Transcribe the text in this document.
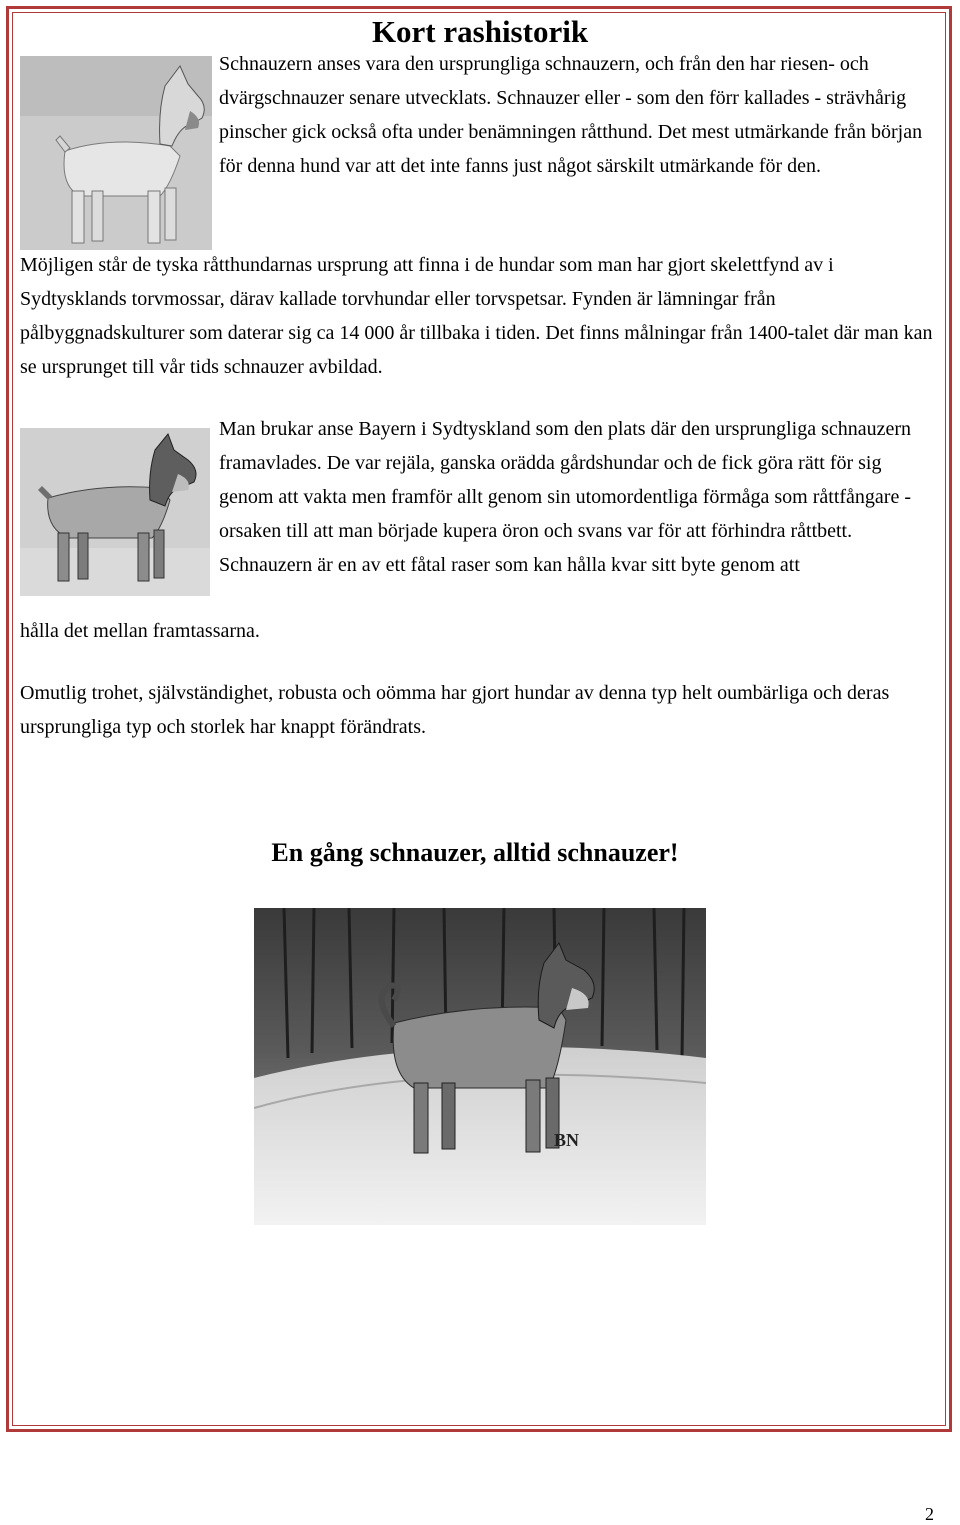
Kort rashistorik

Schnauzern anses vara den ursprungliga schnauzern, och från den har riesen- och dvärgschnauzer senare utvecklats. Schnauzer eller - som den förr kallades - strävhårig pinscher gick också ofta under benämningen råtthund. Det mest utmärkande från början för denna hund var att det inte fanns just något särskilt utmärkande för den.

Möjligen står de tyska råtthundarnas ursprung att finna i de hundar som man har gjort skelettfynd av i Sydtysklands torvmossar, därav kallade torvhundar eller torvspetsar. Fynden är lämningar från pålbyggnadskulturer som daterar sig ca 14 000 år tillbaka i tiden. Det finns målningar från 1400-talet där man kan se ursprunget till vår tids schnauzer avbildad.

Man brukar anse Bayern i Sydtyskland som den plats där den ursprungliga schnauzern framavlades. De var rejäla, ganska orädda gårdshundar och de fick göra rätt för sig genom att vakta men framför allt genom sin utomordentliga förmåga som råttfångare - orsaken till att man började kupera öron och svans var för att förhindra råttbett. Schnauzern är en av ett fåtal raser som kan hålla kvar sitt byte genom att

hålla det mellan framtassarna.

Omutlig trohet, självständighet, robusta och oömma har gjort hundar av denna typ helt oumbärliga och deras ursprungliga typ och storlek har knappt förändrats.

En gång schnauzer, alltid schnauzer!
BN
2
